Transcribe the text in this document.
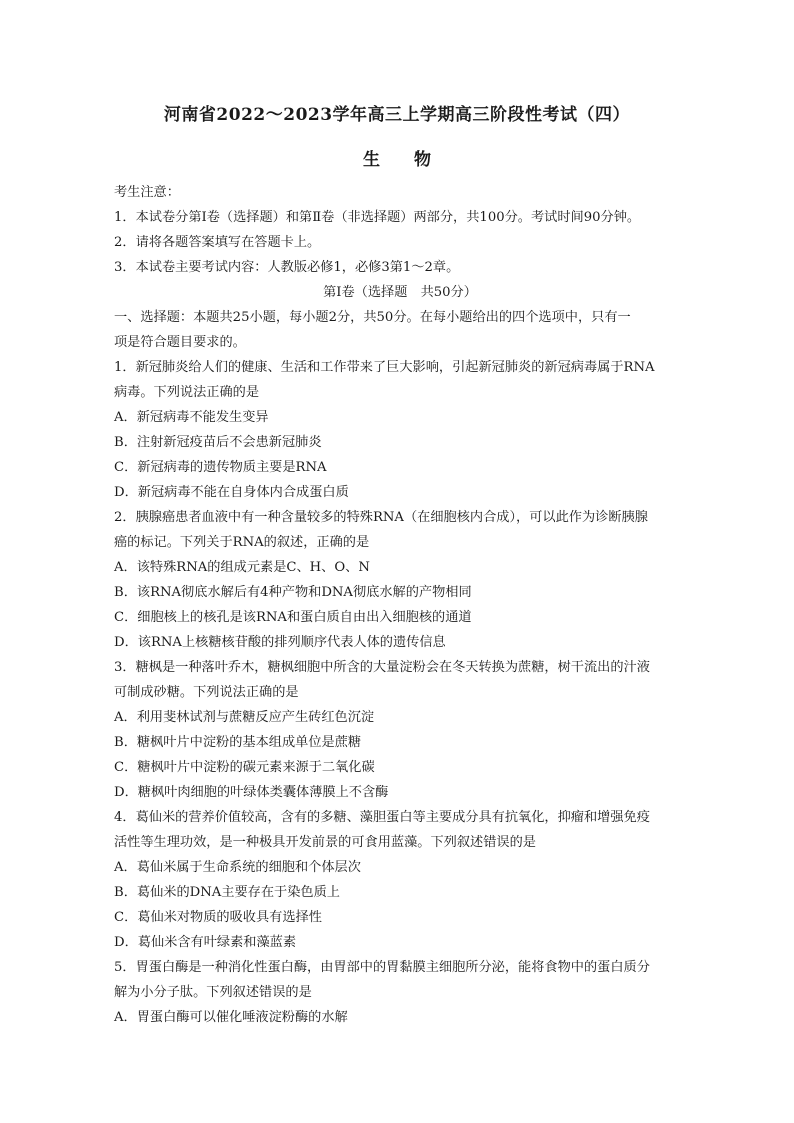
河南省2022～2023学年高三上学期高三阶段性考试（四）
生 物
考生注意：
1．本试卷分第Ⅰ卷（选择题）和第Ⅱ卷（非选择题）两部分，共100分。考试时间90分钟。
2．请将各题答案填写在答题卡上。
3．本试卷主要考试内容：人教版必修1，必修3第1～2章。
第Ⅰ卷（选择题　共50分）
一、选择题：本题共25小题，每小题2分，共50分。在每小题给出的四个选项中，只有一
项是符合题目要求的。
1．新冠肺炎给人们的健康、生活和工作带来了巨大影响，引起新冠肺炎的新冠病毒属于RNA
病毒。下列说法正确的是
A．新冠病毒不能发生变异
B．注射新冠疫苗后不会患新冠肺炎
C．新冠病毒的遗传物质主要是RNA
D．新冠病毒不能在自身体内合成蛋白质
2．胰腺癌患者血液中有一种含量较多的特殊RNA（在细胞核内合成），可以此作为诊断胰腺
癌的标记。下列关于RNA的叙述，正确的是
A．该特殊RNA的组成元素是C、H、O、N
B．该RNA彻底水解后有4种产物和DNA彻底水解的产物相同
C．细胞核上的核孔是该RNA和蛋白质自由出入细胞核的通道
D．该RNA上核糖核苷酸的排列顺序代表人体的遗传信息
3．糖枫是一种落叶乔木，糖枫细胞中所含的大量淀粉会在冬天转换为蔗糖，树干流出的汁液
可制成砂糖。下列说法正确的是
A．利用斐林试剂与蔗糖反应产生砖红色沉淀
B．糖枫叶片中淀粉的基本组成单位是蔗糖
C．糖枫叶片中淀粉的碳元素来源于二氧化碳
D．糖枫叶肉细胞的叶绿体类囊体薄膜上不含酶
4．葛仙米的营养价值较高，含有的多糖、藻胆蛋白等主要成分具有抗氧化，抑瘤和增强免疫
活性等生理功效，是一种极具开发前景的可食用蓝藻。下列叙述错误的是
A．葛仙米属于生命系统的细胞和个体层次
B．葛仙米的DNA主要存在于染色质上
C．葛仙米对物质的吸收具有选择性
D．葛仙米含有叶绿素和藻蓝素
5．胃蛋白酶是一种消化性蛋白酶，由胃部中的胃黏膜主细胞所分泌，能将食物中的蛋白质分
解为小分子肽。下列叙述错误的是
A．胃蛋白酶可以催化唾液淀粉酶的水解
